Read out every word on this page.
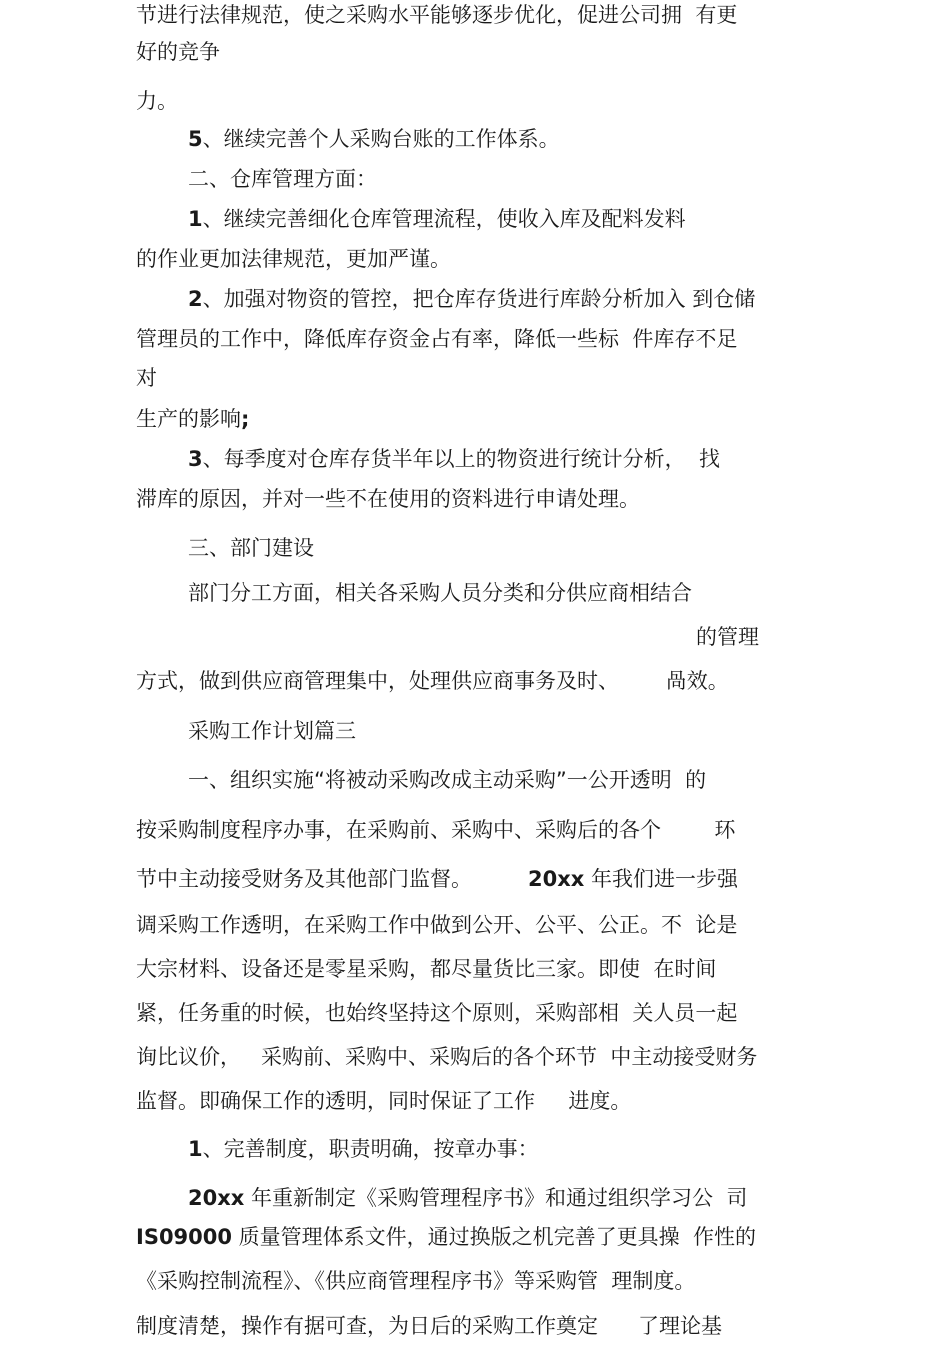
节进行法律规范，使之采购水平能够逐步优化，促进公司拥  有更

好的竞争

力。

5、继续完善个人采购台账的工作体系。

二、仓库管理方面：

1、继续完善细化仓库管理流程，使收入库及配料发料

的作业更加法律规范，更加严谨。

2、加强对物资的管控，把仓库存货进行库龄分析加入 到仓储

管理员的工作中，降低库存资金占有率，降低一些标  件库存不足

对

生产的影响;

3、每季度对仓库存货半年以上的物资进行统计分析，  找

滞库的原因，并对一些不在使用的资料进行申请处理。

三、部门建设

部门分工方面，相关各采购人员分类和分供应商相结合

的管理

方式，做到供应商管理集中，处理供应商事务及时、       咼效。

采购工作计划篇三

一、组织实施“将被动采购改成主动采购”一公开透明  的

按采购制度程序办事，在采购前、采购中、采购后的各个        环

节中主动接受财务及其他部门监督。	20xx 年我们进一步强

调采购工作透明，在采购工作中做到公开、公平、公正。不  论是

大宗材料、设备还是零星采购，都尽量货比三家。即使  在时间

紧，任务重的时候，也始终坚持这个原则，采购部相  关人员一起

询比议价，   采购前、采购中、采购后的各个环节  中主动接受财务

监督。即确保工作的透明，同时保证了工作     进度。

1、完善制度，职责明确，按章办事：

20xx 年重新制定《采购管理程序书》和通过组织学习公  司

IS09000 质量管理体系文件，通过换版之机完善了更具操  作性的

《采购控制流程》、《供应商管理程序书》等采购管  理制度。

制度清楚，操作有据可查，为日后的采购工作奠定      了理论基
